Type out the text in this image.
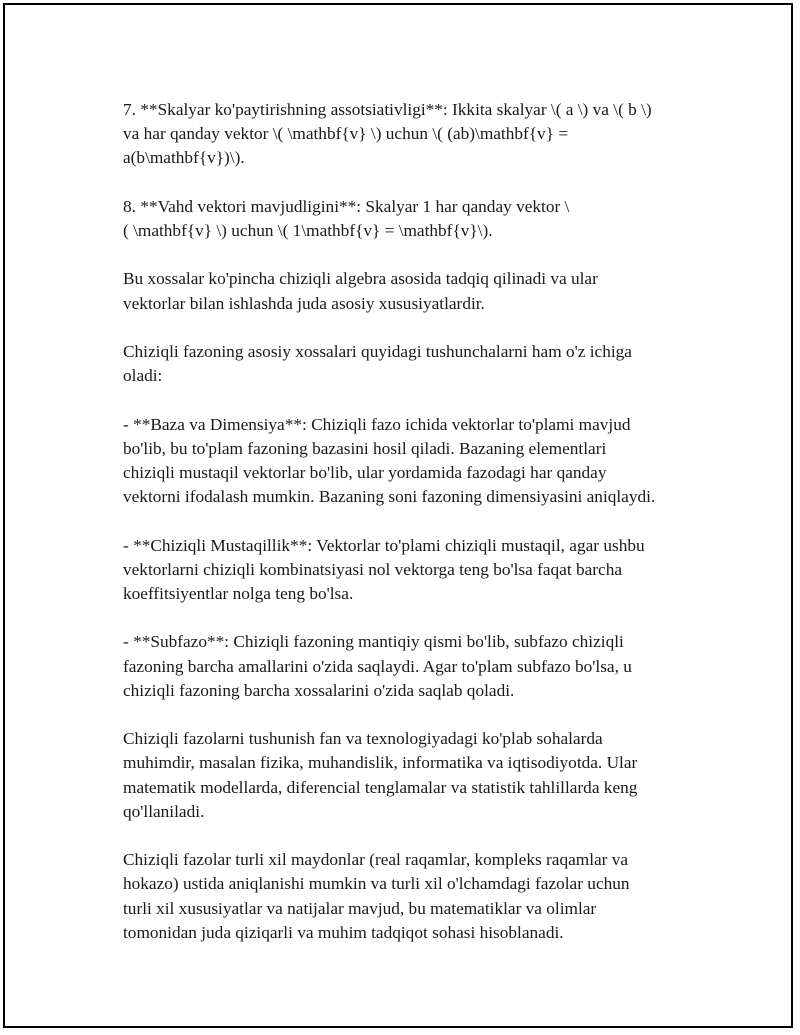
7. **Skalyar ko'paytirishning assotsiativligi**: Ikkita skalyar \( a \) va \( b \)
va har qanday vektor \( \mathbf{v} \) uchun \( (ab)\mathbf{v} =
a(b\mathbf{v})\).

8. **Vahd vektori mavjudligini**: Skalyar 1 har qanday vektor \
( \mathbf{v} \) uchun \( 1\mathbf{v} = \mathbf{v}\).

Bu xossalar ko'pincha chiziqli algebra asosida tadqiq qilinadi va ular
vektorlar bilan ishlashda juda asosiy xususiyatlardir.

Chiziqli fazoning asosiy xossalari quyidagi tushunchalarni ham o'z ichiga
oladi:

- **Baza va Dimensiya**: Chiziqli fazo ichida vektorlar to'plami mavjud
bo'lib, bu to'plam fazoning bazasini hosil qiladi. Bazaning elementlari
chiziqli mustaqil vektorlar bo'lib, ular yordamida fazodagi har qanday
vektorni ifodalash mumkin. Bazaning soni fazoning dimensiyasini aniqlaydi.

- **Chiziqli Mustaqillik**: Vektorlar to'plami chiziqli mustaqil, agar ushbu
vektorlarni chiziqli kombinatsiyasi nol vektorga teng bo'lsa faqat barcha
koeffitsiyentlar nolga teng bo'lsa.

- **Subfazo**: Chiziqli fazoning mantiqiy qismi bo'lib, subfazo chiziqli
fazoning barcha amallarini o'zida saqlaydi. Agar to'plam subfazo bo'lsa, u
chiziqli fazoning barcha xossalarini o'zida saqlab qoladi.

Chiziqli fazolarni tushunish fan va texnologiyadagi ko'plab sohalarda
muhimdir, masalan fizika, muhandislik, informatika va iqtisodiyotda. Ular
matematik modellarda, diferencial tenglamalar va statistik tahlillarda keng
qo'llaniladi.

Chiziqli fazolar turli xil maydonlar (real raqamlar, kompleks raqamlar va
hokazo) ustida aniqlanishi mumkin va turli xil o'lchamdagi fazolar uchun
turli xil xususiyatlar va natijalar mavjud, bu matematiklar va olimlar
tomonidan juda qiziqarli va muhim tadqiqot sohasi hisoblanadi.
